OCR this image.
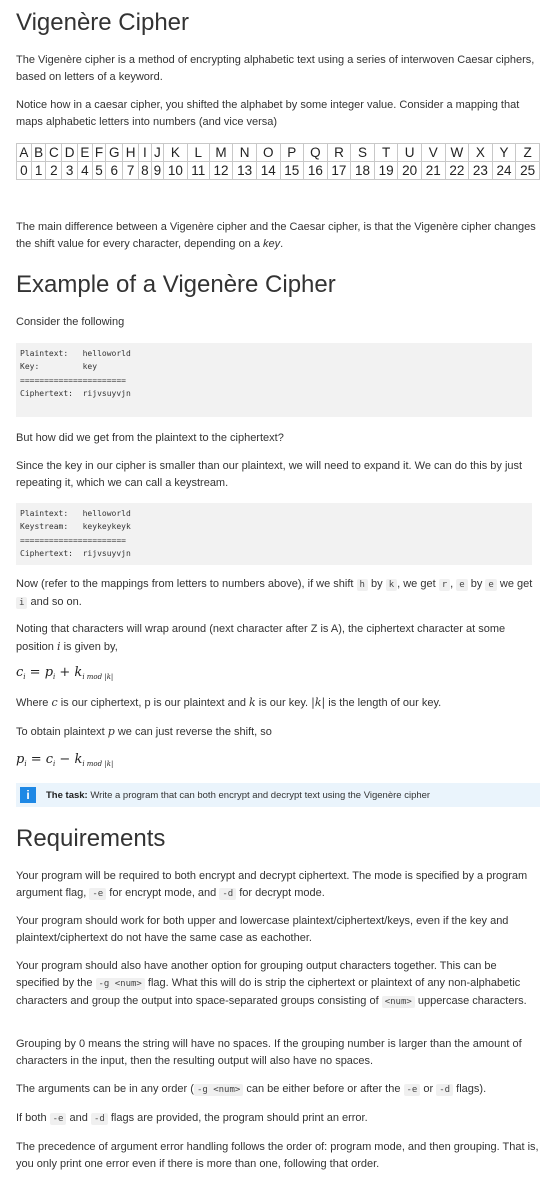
Vigenère Cipher

The Vigenère cipher is a method of encrypting alphabetic text using a series of interwoven Caesar ciphers, based on letters of a keyword.

Notice how in a caesar cipher, you shifted the alphabet by some integer value. Consider a mapping that maps alphabetic letters into numbers (and vice versa)

A	B	C	D	E	F	G	H	I	J	K	L	M	N	O	P	Q	R	S	T	U	V	W	X	Y	Z
0	1	2	3	4	5	6	7	8	9	10	11	12	13	14	15	16	17	18	19	20	21	22	23	24	25

The main difference between a Vigenère cipher and the Caesar cipher, is that the Vigenère cipher changes the shift value for every character, depending on a key.

Example of a Vigenère Cipher

Consider the following

Plaintext:   helloworld
Key:         key
======================
Ciphertext:  rijvsuyvjn

But how did we get from the plaintext to the ciphertext?

Since the key in our cipher is smaller than our plaintext, we will need to expand it. We can do this by just repeating it, which we can call a keystream.

Plaintext:   helloworld
Keystream:   keykeykeyk
======================
Ciphertext:  rijvsuyvjn

Now (refer to the mappings from letters to numbers above), if we shift h by k , we get r , e by e we get i and so on.

Noting that characters will wrap around (next character after Z is A), the ciphertext character at some position i is given by,

$c_i = p_i + k_{i mod |k|}$

Where c is our ciphertext, p is our plaintext and k is our key. |k| is the length of our key.

To obtain plaintext p we can just reverse the shift, so

$p_i = c_i - k_{i mod |k|}$
i	The task: Write a program that can both encrypt and decrypt text using the Vigenère cipher
Requirements

Your program will be required to both encrypt and decrypt ciphertext. The mode is specified by a program argument flag, -e for encrypt mode, and -d for decrypt mode.

Your program should work for both upper and lowercase plaintext/ciphertext/keys, even if the key and plaintext/ciphertext do not have the same case as eachother.

Your program should also have another option for grouping output characters together. This can be specified by the -g <num> flag. What this will do is strip the ciphertext or plaintext of any non-alphabetic characters and group the output into space-separated groups consisting of <num> uppercase characters.

Grouping by 0 means the string will have no spaces. If the grouping number is larger than the amount of characters in the input, then the resulting output will also have no spaces.

The arguments can be in any order ( -g <num> can be either before or after the -e or -d flags).

If both -e and -d flags are provided, the program should print an error.

The precedence of argument error handling follows the order of: program mode, and then grouping. That is, you only print one error even if there is more than one, following that order.
